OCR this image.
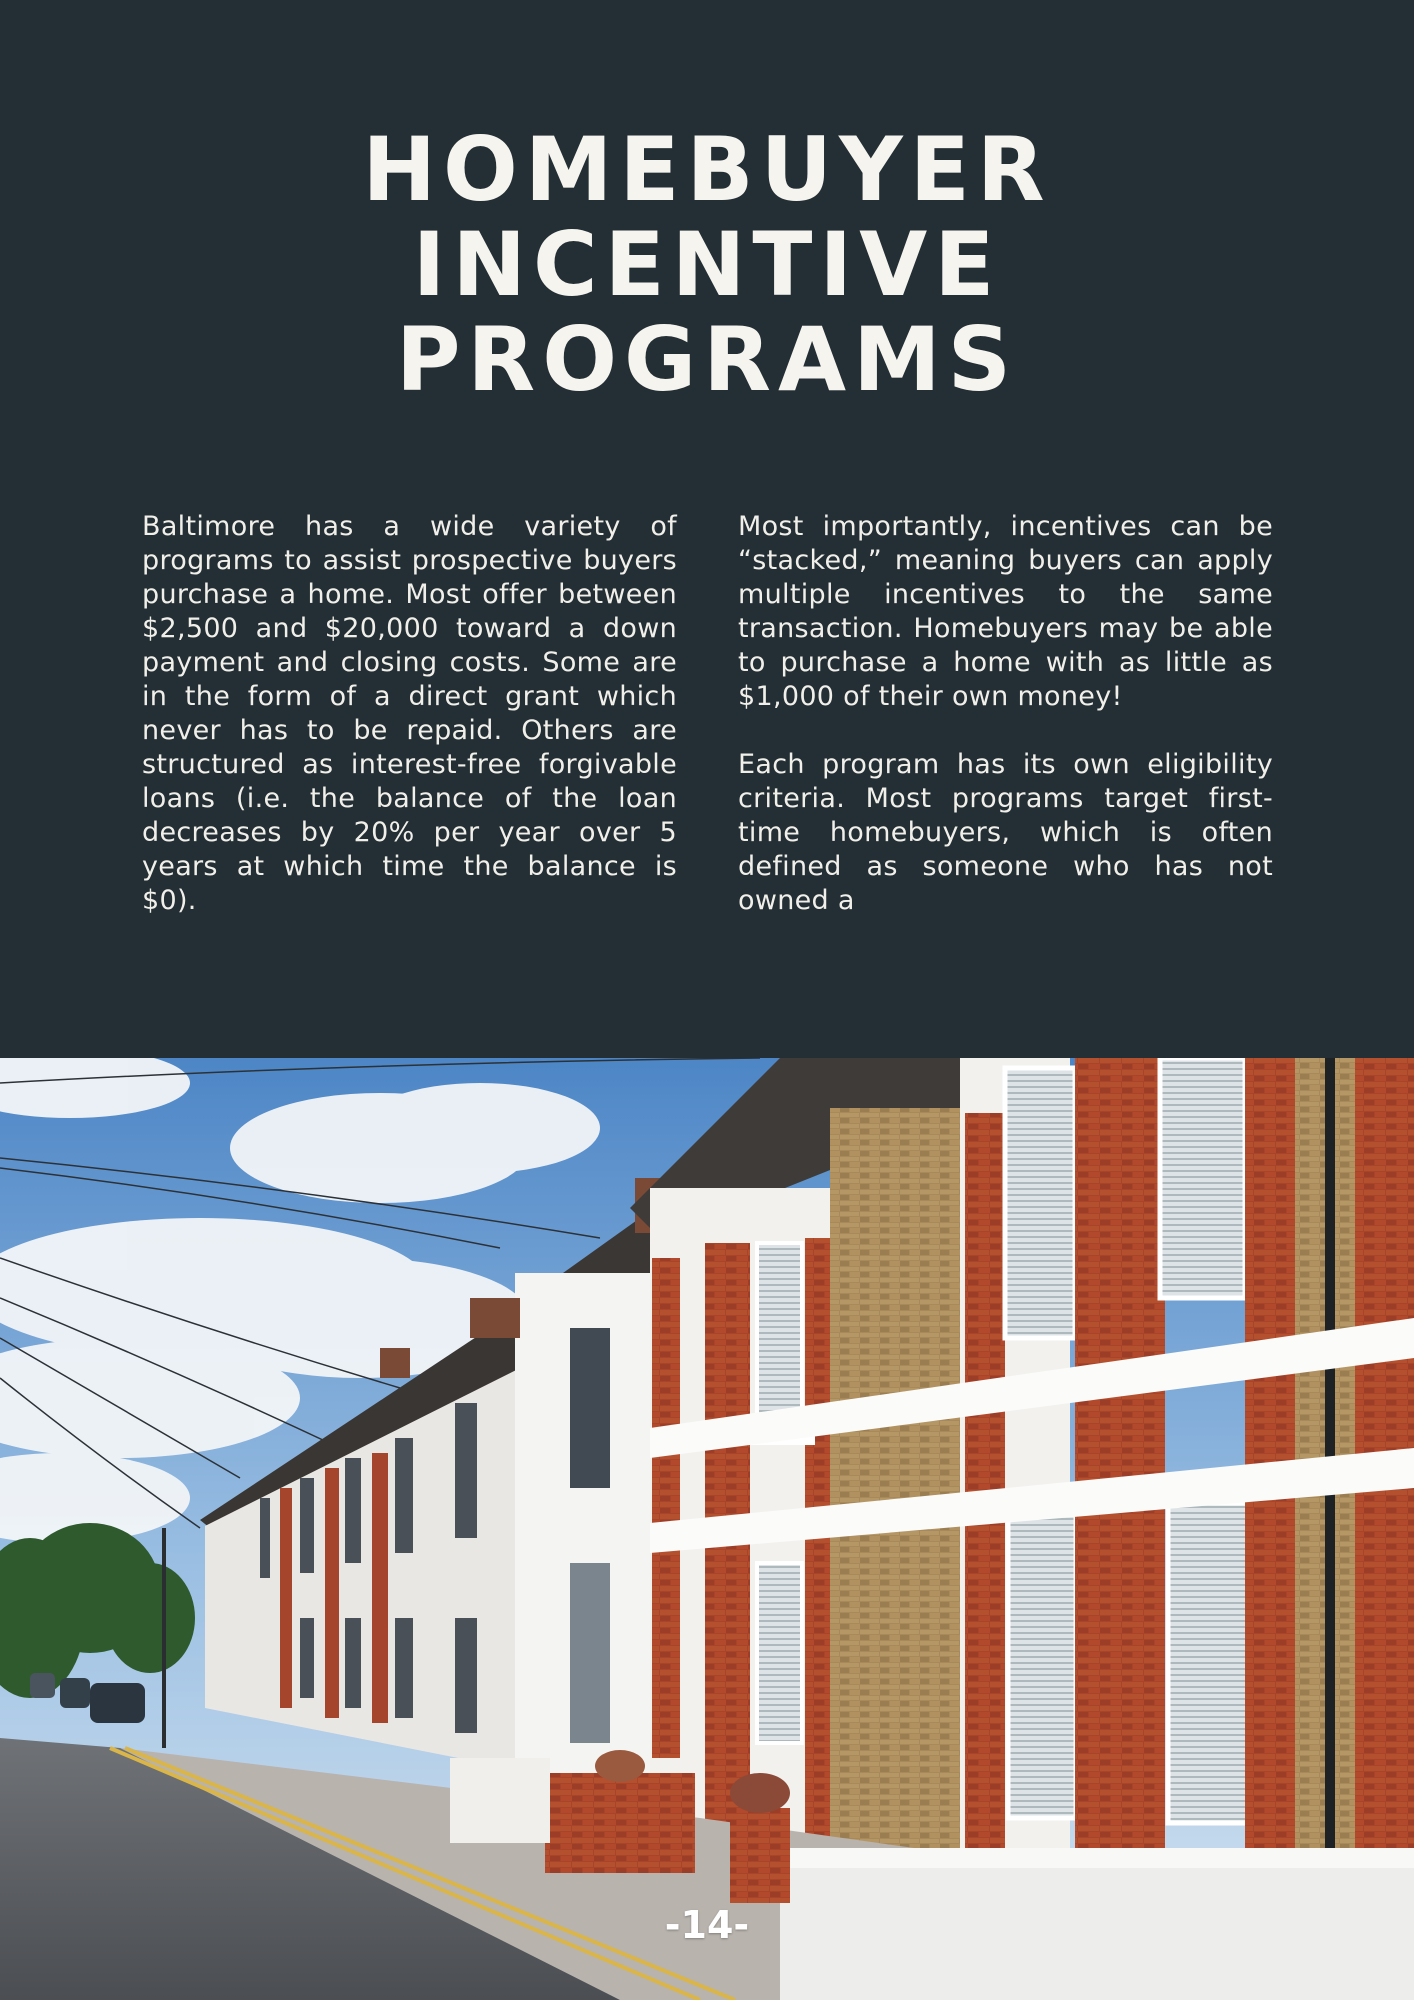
HOMEBUYER
INCENTIVE
PROGRAMS

Baltimore has a wide variety of programs to assist prospective buyers purchase a home. Most offer between $2,500 and $20,000 toward a down payment and closing costs. Some are in the form of a direct grant which never has to be repaid. Others are structured as interest-free forgivable loans (i.e. the balance of the loan decreases by 20% per year over 5 years at which time the balance is $0).

Most importantly, incentives can be “stacked,” meaning buyers can apply multiple incentives to the same transaction. Homebuyers may be able to purchase a home with as little as $1,000 of their own money!

Each program has its own eligibility criteria. Most programs target first-time homebuyers, which is often defined as someone who has not owned a

-14-
